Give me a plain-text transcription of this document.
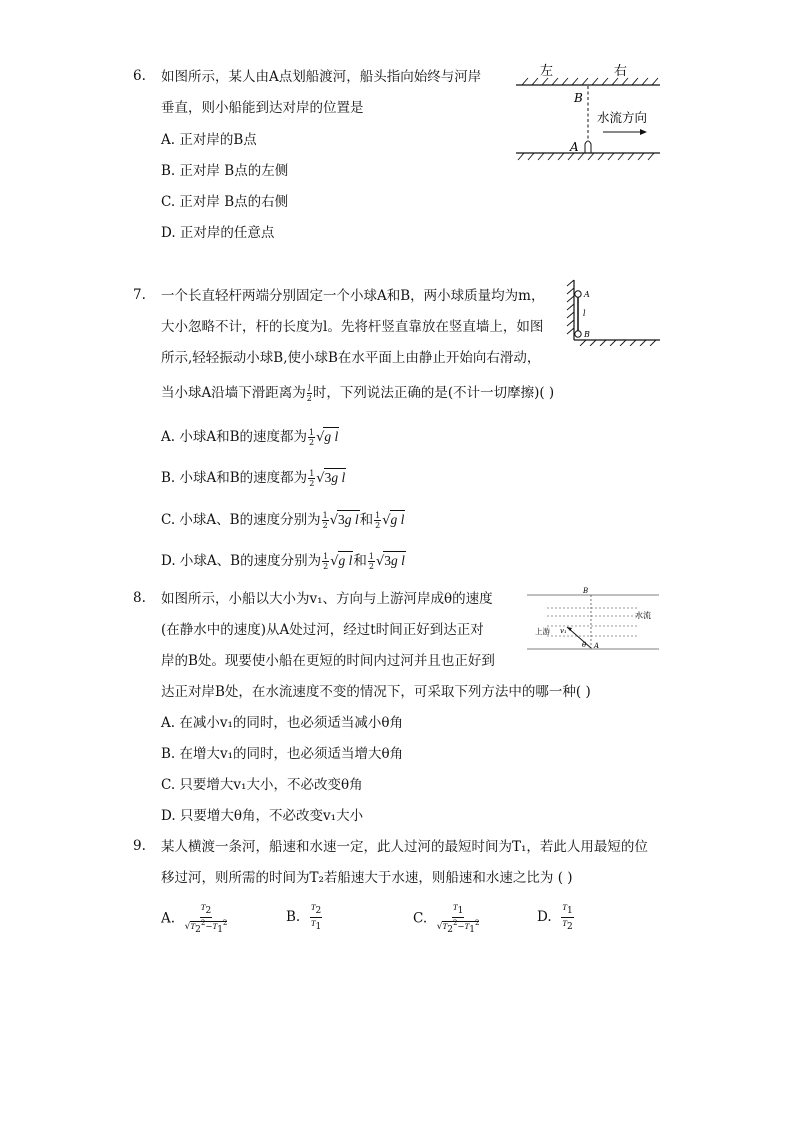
6. 如图所示，某人由A点划船渡河，船头指向始终与河岸
垂直，则小船能到达对岸的位置是
A. 正对岸的B点
B. 正对岸 B点的左侧
C. 正对岸 B点的右侧
D. 正对岸的任意点
左	右
B
水流方向
A
7. 一个长直轻杆两端分别固定一个小球A和B，两小球质量均为m，
大小忽略不计，杆的长度为l。先将杆竖直靠放在竖直墙上，如图
所示,轻轻振动小球B,使小球B在水平面上由静止开始向右滑动，
当小球A沿墙下滑距离为 $\frac{l}{2}$ 时，下列说法正确的是(不计一切摩擦)( )
A. 小球A和B的速度都为 $\frac{1}{2} √g$ l
B. 小球A和B的速度都为 $\frac{1}{2} √3g$ l
C. 小球A、B的速度分别为 $\frac{1}{2} √3g$ l和 $\frac{1}{2} √g$ l
D. 小球A、B的速度分别为 $\frac{1}{2} √g$ l和 $\frac{1}{2} √3g$ l
A
l
B
8. 如图所示，小船以大小为v₁、方向与上游河岸成θ的速度
(在静水中的速度)从A处过河，经过t时间正好到达正对
岸的B处。现要使小船在更短的时间内过河并且也正好到
达正对岸B处，在水流速度不变的情况下，可采取下列方法中的哪一种( )
A. 在减小v₁的同时，也必须适当减小θ角
B. 在增大v₁的同时，也必须适当增大θ角
C. 只要增大v₁大小，不必改变θ角
D. 只要增大θ角，不必改变v₁大小
B
水流
上游 v₁
θ A
9. 某人横渡一条河，船速和水速一定，此人过河的最短时间为T₁，若此人用最短的位
移过河，则所需的时间为T₂若船速大于水速，则船速和水速之比为 ( )
A. $\frac{T_2}{√T_2^2-T_1^2}$	B. $\frac{T_2}{T_1}$	C. $\frac{T_1}{√T_2^2-T_1^2}$	D. $\frac{T_1}{T_2}$
